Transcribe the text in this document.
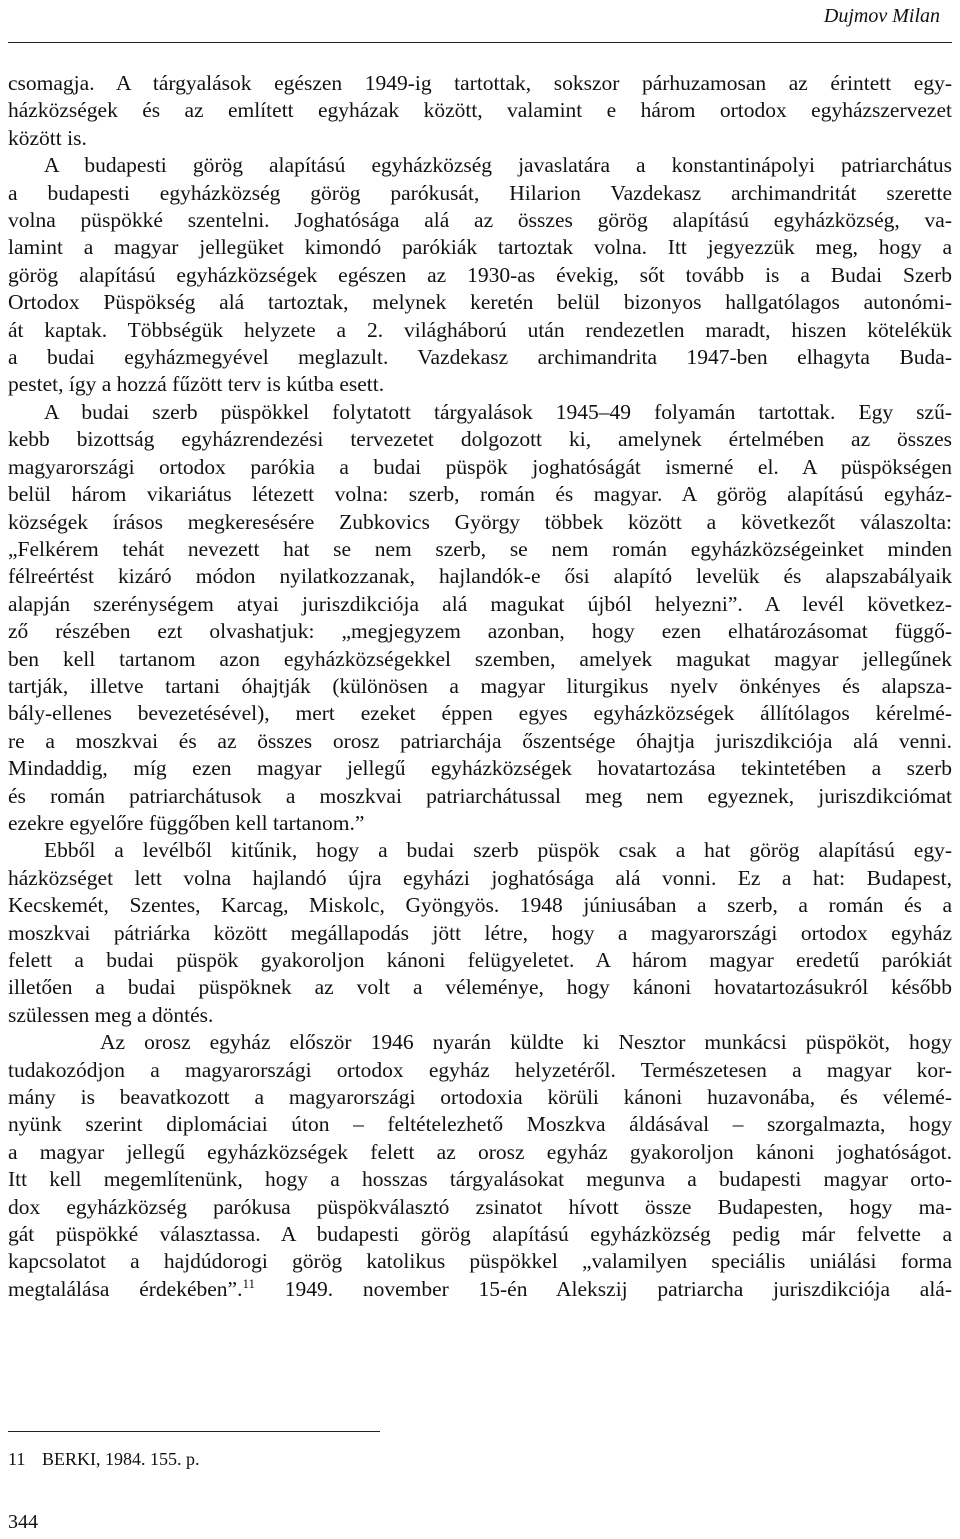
Dujmov Milan
csomagja. A tárgyalások egészen 1949-ig tartottak, sokszor párhuzamosan az érintett egy-
házközségek és az említett egyházak között, valamint e három ortodox egyházszervezet
között is.
A budapesti görög alapítású egyházközség javaslatára a konstantinápolyi patriarchátus
a budapesti egyházközség görög parókusát, Hilarion Vazdekasz archimandritát szerette
volna püspökké szentelni. Joghatósága alá az összes görög alapítású egyházközség, va-
lamint a magyar jellegüket kimondó parókiák tartoztak volna. Itt jegyezzük meg, hogy a
görög alapítású egyházközségek egészen az 1930-as évekig, sőt tovább is a Budai Szerb
Ortodox Püspökség alá tartoztak, melynek keretén belül bizonyos hallgatólagos autonómi-
át kaptak. Többségük helyzete a 2. világháború után rendezetlen maradt, hiszen kötelékük
a budai egyházmegyével meglazult. Vazdekasz archimandrita 1947-ben elhagyta Buda-
pestet, így a hozzá fűzött terv is kútba esett.
A budai szerb püspökkel folytatott tárgyalások 1945–49 folyamán tartottak. Egy szű-
kebb bizottság egyházrendezési tervezetet dolgozott ki, amelynek értelmében az összes
magyarországi ortodox parókia a budai püspök joghatóságát ismerné el. A püspökségen
belül három vikariátus létezett volna: szerb, román és magyar. A görög alapítású egyház-
községek írásos megkeresésére Zubkovics György többek között a következőt válaszolta:
„Felkérem tehát nevezett hat se nem szerb, se nem román egyházközségeinket minden
félreértést kizáró módon nyilatkozzanak, hajlandók-e ősi alapító levelük és alapszabályaik
alapján szerénységem atyai juriszdikciója alá magukat újból helyezni”. A levél következ-
ző részében ezt olvashatjuk: „megjegyzem azonban, hogy ezen elhatározásomat függő-
ben kell tartanom azon egyházközségekkel szemben, amelyek magukat magyar jellegűnek
tartják, illetve tartani óhajtják (különösen a magyar liturgikus nyelv önkényes és alapsza-
bály-ellenes bevezetésével), mert ezeket éppen egyes egyházközségek állítólagos kérelmé-
re a moszkvai és az összes orosz patriarchája őszentsége óhajtja juriszdikciója alá venni.
Mindaddig, míg ezen magyar jellegű egyházközségek hovatartozása tekintetében a szerb
és román patriarchátusok a moszkvai patriarchátussal meg nem egyeznek, juriszdikciómat
ezekre egyelőre függőben kell tartanom.”
Ebből a levélből kitűnik, hogy a budai szerb püspök csak a hat görög alapítású egy-
házközséget lett volna hajlandó újra egyházi joghatósága alá vonni. Ez a hat: Budapest,
Kecskemét, Szentes, Karcag, Miskolc, Gyöngyös. 1948 júniusában a szerb, a román és a
moszkvai pátriárka között megállapodás jött létre, hogy a magyarországi ortodox egyház
felett a budai püspök gyakoroljon kánoni felügyeletet. A három magyar eredetű parókiát
illetően a budai püspöknek az volt a véleménye, hogy kánoni hovatartozásukról később
szülessen meg a döntés.
Az orosz egyház először 1946 nyarán küldte ki Nesztor munkácsi püspököt, hogy
tudakozódjon a magyarországi ortodox egyház helyzetéről. Természetesen a magyar kor-
mány is beavatkozott a magyarországi ortodoxia körüli kánoni huzavonába, és vélemé-
nyünk szerint diplomáciai úton – feltételezhető Moszkva áldásával – szorgalmazta, hogy
a magyar jellegű egyházközségek felett az orosz egyház gyakoroljon kánoni joghatóságot.
Itt kell megemlítenünk, hogy a hosszas tárgyalásokat megunva a budapesti magyar orto-
dox egyházközség parókusa püspökválasztó zsinatot hívott össze Budapesten, hogy ma-
gát püspökké választassa. A budapesti görög alapítású egyházközség pedig már felvette a
kapcsolatot a hajdúdorogi görög katolikus püspökkel „valamilyen speciális uniálási forma
megtalálása érdekében”.$^{11}$ 1949. november 15-én Alekszij patriarcha juriszdikciója alá-
11 BERKI, 1984. 155. p.
344
